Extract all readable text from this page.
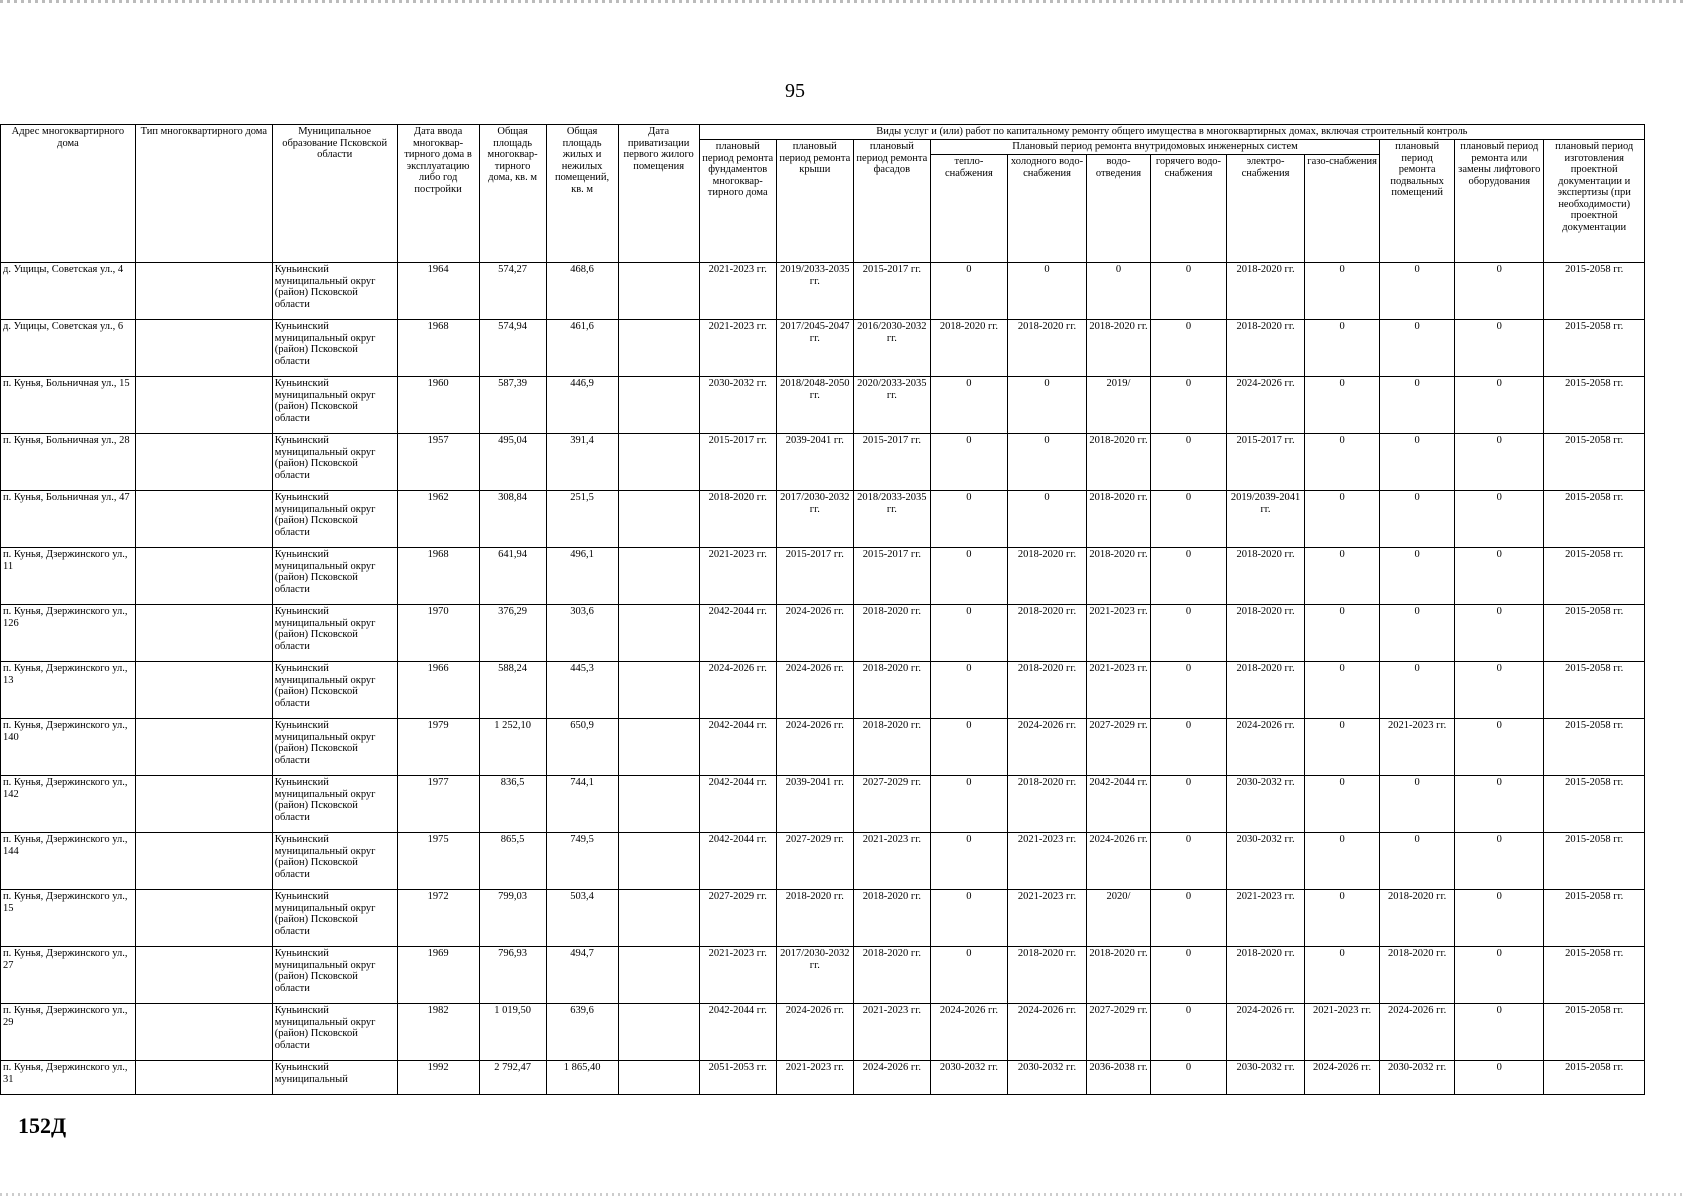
95
Адрес многоквартирного дома	Тип многоквартирного дома	Муниципальное образование Псковской области	Дата ввода многоквар-тирного дома в эксплуатацию либо год постройки	Общая площадь многоквар-тирного дома, кв. м	Общая площадь жилых и нежилых помещений, кв. м	Дата приватизации первого жилого помещения	Виды услуг и (или) работ по капитальному ремонту общего имущества в многоквартирных домах, включая строительный контроль											
							плановый период ремонта фундаментов многоквар-тирного дома	плановый период ремонта крыши	плановый период ремонта фасадов	Плановый период ремонта внутридомовых инженерных систем						плановый период ремонта подвальных помещений	плановый период ремонта или замены лифтового оборудования	плановый период изготовления проектной документации и экспертизы (при необходимости) проектной документации
										тепло-снабжения	холодного водо-снабжения	водо-отведения	горячего водо-снабжения	электро-снабжения	газо-снабжения			
д. Ущицы, Советская ул., 4		Куньинский муниципальный округ (район) Псковской области	1964	574,27	468,6		2021-2023 гг.	2019/2033-2035 гг.	2015-2017 гг.	0	0	0	0	2018-2020 гг.	0	0	0	2015-2058 гг.
д. Ущицы, Советская ул., 6		Куньинский муниципальный округ (район) Псковской области	1968	574,94	461,6		2021-2023 гг.	2017/2045-2047 гг.	2016/2030-2032 гг.	2018-2020 гг.	2018-2020 гг.	2018-2020 гг.	0	2018-2020 гг.	0	0	0	2015-2058 гг.
п. Кунья, Больничная ул., 15		Куньинский муниципальный округ (район) Псковской области	1960	587,39	446,9		2030-2032 гг.	2018/2048-2050 гг.	2020/2033-2035 гг.	0	0	2019/	0	2024-2026 гг.	0	0	0	2015-2058 гг.
п. Кунья, Больничная ул., 28		Куньинский муниципальный округ (район) Псковской области	1957	495,04	391,4		2015-2017 гг.	2039-2041 гг.	2015-2017 гг.	0	0	2018-2020 гг.	0	2015-2017 гг.	0	0	0	2015-2058 гг.
п. Кунья, Больничная ул., 47		Куньинский муниципальный округ (район) Псковской области	1962	308,84	251,5		2018-2020 гг.	2017/2030-2032 гг.	2018/2033-2035 гг.	0	0	2018-2020 гг.	0	2019/2039-2041 гг.	0	0	0	2015-2058 гг.
п. Кунья, Дзержинского ул., 11		Куньинский муниципальный округ (район) Псковской области	1968	641,94	496,1		2021-2023 гг.	2015-2017 гг.	2015-2017 гг.	0	2018-2020 гг.	2018-2020 гг.	0	2018-2020 гг.	0	0	0	2015-2058 гг.
п. Кунья, Дзержинского ул., 126		Куньинский муниципальный округ (район) Псковской области	1970	376,29	303,6		2042-2044 гг.	2024-2026 гг.	2018-2020 гг.	0	2018-2020 гг.	2021-2023 гг.	0	2018-2020 гг.	0	0	0	2015-2058 гг.
п. Кунья, Дзержинского ул., 13		Куньинский муниципальный округ (район) Псковской области	1966	588,24	445,3		2024-2026 гг.	2024-2026 гг.	2018-2020 гг.	0	2018-2020 гг.	2021-2023 гг.	0	2018-2020 гг.	0	0	0	2015-2058 гг.
п. Кунья, Дзержинского ул., 140		Куньинский муниципальный округ (район) Псковской области	1979	1 252,10	650,9		2042-2044 гг.	2024-2026 гг.	2018-2020 гг.	0	2024-2026 гг.	2027-2029 гг.	0	2024-2026 гг.	0	2021-2023 гг.	0	2015-2058 гг.
п. Кунья, Дзержинского ул., 142		Куньинский муниципальный округ (район) Псковской области	1977	836,5	744,1		2042-2044 гг.	2039-2041 гг.	2027-2029 гг.	0	2018-2020 гг.	2042-2044 гг.	0	2030-2032 гг.	0	0	0	2015-2058 гг.
п. Кунья, Дзержинского ул., 144		Куньинский муниципальный округ (район) Псковской области	1975	865,5	749,5		2042-2044 гг.	2027-2029 гг.	2021-2023 гг.	0	2021-2023 гг.	2024-2026 гг.	0	2030-2032 гг.	0	0	0	2015-2058 гг.
п. Кунья, Дзержинского ул., 15		Куньинский муниципальный округ (район) Псковской области	1972	799,03	503,4		2027-2029 гг.	2018-2020 гг.	2018-2020 гг.	0	2021-2023 гг.	2020/	0	2021-2023 гг.	0	2018-2020 гг.	0	2015-2058 гг.
п. Кунья, Дзержинского ул., 27		Куньинский муниципальный округ (район) Псковской области	1969	796,93	494,7		2021-2023 гг.	2017/2030-2032 гг.	2018-2020 гг.	0	2018-2020 гг.	2018-2020 гг.	0	2018-2020 гг.	0	2018-2020 гг.	0	2015-2058 гг.
п. Кунья, Дзержинского ул., 29		Куньинский муниципальный округ (район) Псковской области	1982	1 019,50	639,6		2042-2044 гг.	2024-2026 гг.	2021-2023 гг.	2024-2026 гг.	2024-2026 гг.	2027-2029 гг.	0	2024-2026 гг.	2021-2023 гг.	2024-2026 гг.	0	2015-2058 гг.
п. Кунья, Дзержинского ул., 31		Куньинский муниципальный	1992	2 792,47	1 865,40		2051-2053 гг.	2021-2023 гг.	2024-2026 гг.	2030-2032 гг.	2030-2032 гг.	2036-2038 гг.	0	2030-2032 гг.	2024-2026 гг.	2030-2032 гг.	0	2015-2058 гг.
152Д
